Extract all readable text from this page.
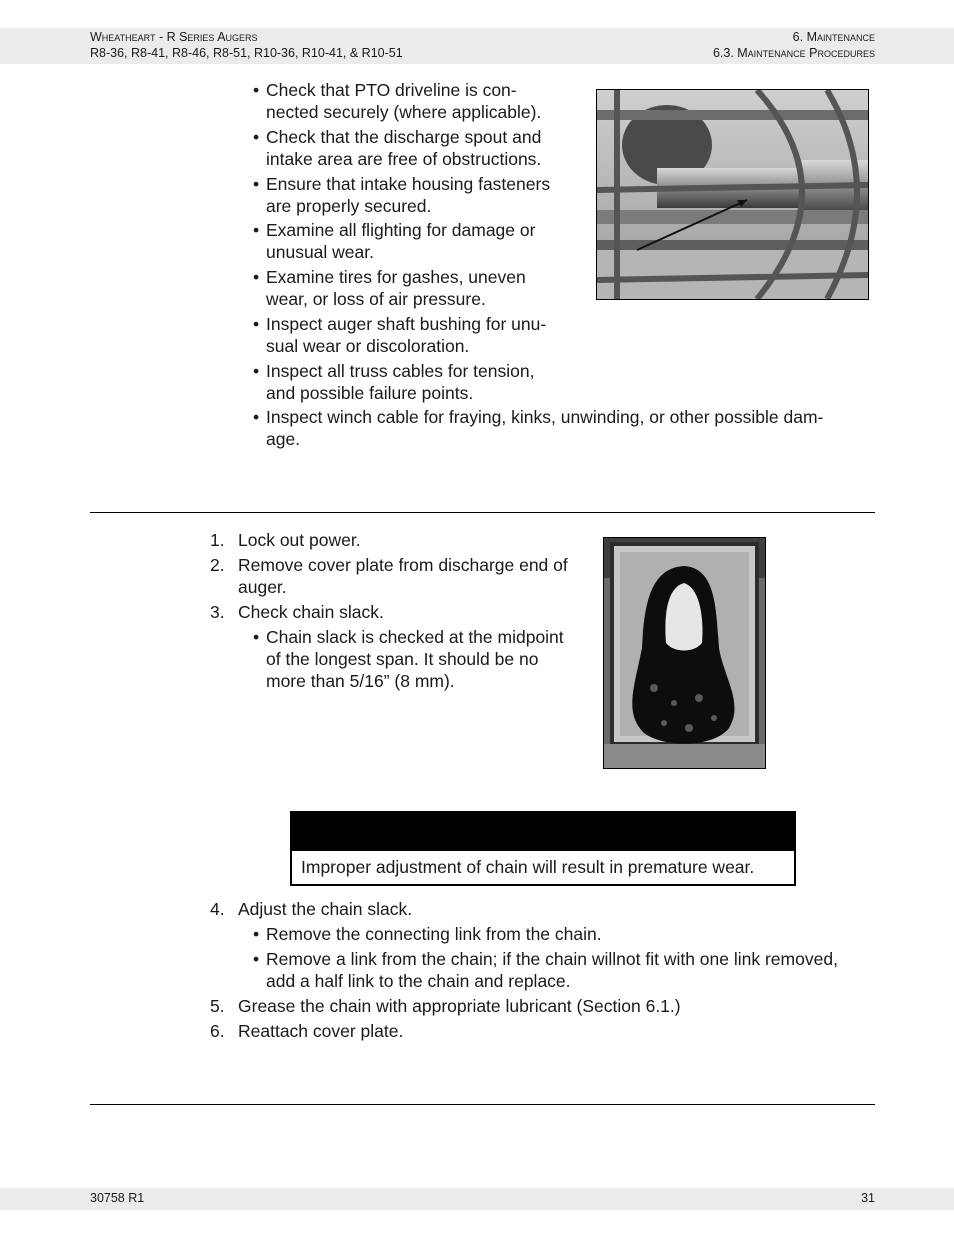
Wheatheart - R Series Augers
R8-36, R8-41, R8-46, R8-51, R10-36, R10-41, & R10-51
6. Maintenance
6.3. Maintenance Procedures
• Check that PTO driveline is con-
nected securely (where applicable).
• Check that the discharge spout and
intake area are free of obstructions.
• Ensure that intake housing fasteners
are properly secured.
• Examine all flighting for damage or
unusual wear.
• Examine tires for gashes, uneven
wear, or loss of air pressure.
• Inspect auger shaft bushing for unu-
sual wear or discoloration.
• Inspect all truss cables for tension,
and possible failure points.
• Inspect winch cable for fraying, kinks, unwinding, or other possible dam-
age.
1. Lock out power.
2. Remove cover plate from discharge end of
auger.
3. Check chain slack.
• Chain slack is checked at the midpoint
of the longest span. It should be no
more than 5/16” (8 mm).
Improper adjustment of chain will result in premature wear.
4. Adjust the chain slack.
• Remove the connecting link from the chain.
• Remove a link from the chain; if the chain willnot fit with one link removed,
add a half link to the chain and replace.
5. Grease the chain with appropriate lubricant (Section 6.1.)
6. Reattach cover plate.
30758 R1	31
